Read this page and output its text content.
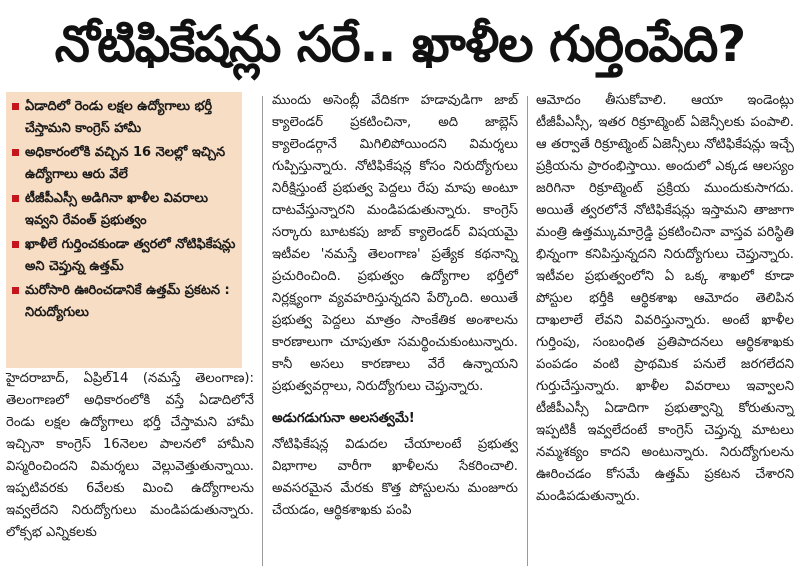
నోటిఫికేషన్లు సరే.. ఖాళీల గుర్తింపేది?
ఏడాదిలో రెండు లక్షల ఉద్యోగాలు భర్తీ చేస్తామని కాంగ్రెస్ హామీ
అధికారంలోకి వచ్చిన 16 నెలల్లో ఇచ్చిన ఉద్యోగాలు ఆరు వేలే
టీజీపీఎస్సీ అడిగినా ఖాళీల వివరాలు ఇవ్వని రేవంత్ ప్రభుత్వం
ఖాళీలే గుర్తించకుండా త్వరలో నోటిఫికేషన్లు అని చెప్తున్న ఉత్తమ్
మరోసారి ఊరించడానికే ఉత్తమ్ ప్రకటన : నిరుద్యోగులు

హైదరాబాద్, ఏప్రిల్14 (నమస్తే తెలంగాణ): తెలంగాణలో అధికారంలోకి వస్తే ఏడాదిలోనే రెండు లక్షల ఉద్యోగాలు భర్తీ చేస్తామని హామీ ఇచ్చినా కాంగ్రెస్ 16నెలల పాలనలో హామీని విస్మరించిందని విమర్శలు వెల్లువెత్తుతున్నాయి. ఇప్పటివరకు 6వేలకు మించి ఉద్యోగాలను ఇవ్వలేదని నిరుద్యోగులు మండిపడుతున్నారు. లోక్సభ ఎన్నికలకు

ముందు అసెంబ్లీ వేదికగా హడావుడిగా జాబ్ క్యాలెండర్ ప్రకటించినా, అది జాబ్లెస్ క్యాలెండర్గానే మిగిలిపోయిందని విమర్శలు గుప్పిస్తున్నారు. నోటిఫికేషన్ల కోసం నిరుద్యోగులు నిరీక్షిస్తుంటే ప్రభుత్వ పెద్దలు రేపు మాపు అంటూ దాటవేస్తున్నారని మండిపడుతున్నారు. కాంగ్రెస్ సర్కారు బూటకపు జాబ్ క్యాలెండర్ విషయమై ఇటీవల 'నమస్తే తెలంగాణ' ప్రత్యేక కథనాన్ని ప్రచురించింది. ప్రభుత్వం ఉద్యోగాల భర్తీలో నిర్లక్ష్యంగా వ్యవహరిస్తున్నదని పేర్కొంది. అయితే ప్రభుత్వ పెద్దలు మాత్రం సాంకేతిక అంశాలను కారణాలుగా చూపుతూ సమర్థించుకుంటున్నారు. కానీ అసలు కారణాలు వేరే ఉన్నాయని ప్రభుత్వవర్గాలు, నిరుద్యోగులు చెప్తున్నారు.

అడుగడుగునా అలసత్వమే!

నోటిఫికేషన్ల విడుదల చేయాలంటే ప్రభుత్వ విభాగాల వారీగా ఖాళీలను సేకరించాలి. అవసరమైన మేరకు కొత్త పోస్టులను మంజూరు చేయడం, ఆర్థికశాఖకు పంపి

ఆమోదం తీసుకోవాలి. ఆయా ఇండెంట్లు టీజీపీఎస్సీ, ఇతర రిక్రూట్మెంట్ ఏజెన్సీలకు పంపాలి. ఆ తర్వాతే రిక్రూట్మెంట్ ఏజెన్సీలు నోటిఫికేషన్లు ఇచ్చే ప్రక్రియను ప్రారంభిస్తాయి. అందులో ఎక్కడ ఆలస్యం జరిగినా రిక్రూట్మెంట్ ప్రక్రియ ముందుకుసాగదు. అయితే త్వరలోనే నోటిఫికేషన్లు ఇస్తామని తాజాగా మంత్రి ఉత్తమ్కుమార్రెడ్డి ప్రకటించినా వాస్తవ పరిస్థితి భిన్నంగా కనిపిస్తున్నదని నిరుద్యోగులు చెప్తున్నారు. ఇటీవల ప్రభుత్వంలోని ఏ ఒక్క శాఖలో కూడా పోస్టుల భర్తీకి ఆర్థికశాఖ ఆమోదం తెలిపిన దాఖలాలే లేవని వివరిస్తున్నారు. అంటే ఖాళీల గుర్తింపు, సంబంధిత ప్రతిపాదనలు ఆర్థికశాఖకు పంపడం వంటి ప్రాథమిక పనులే జరగలేదని గుర్తుచేస్తున్నారు. ఖాళీల వివరాలు ఇవ్వాలని టీజీపీఎస్సీ ఏడాదిగా ప్రభుత్వాన్ని కోరుతున్నా ఇప్పటికీ ఇవ్వలేదంటే కాంగ్రెస్ చెప్తున్న మాటలు నమ్మశక్యం కాదని అంటున్నారు. నిరుద్యోగులను ఊరించడం కోసమే ఉత్తమ్ ప్రకటన చేశారని మండిపడుతున్నారు.
